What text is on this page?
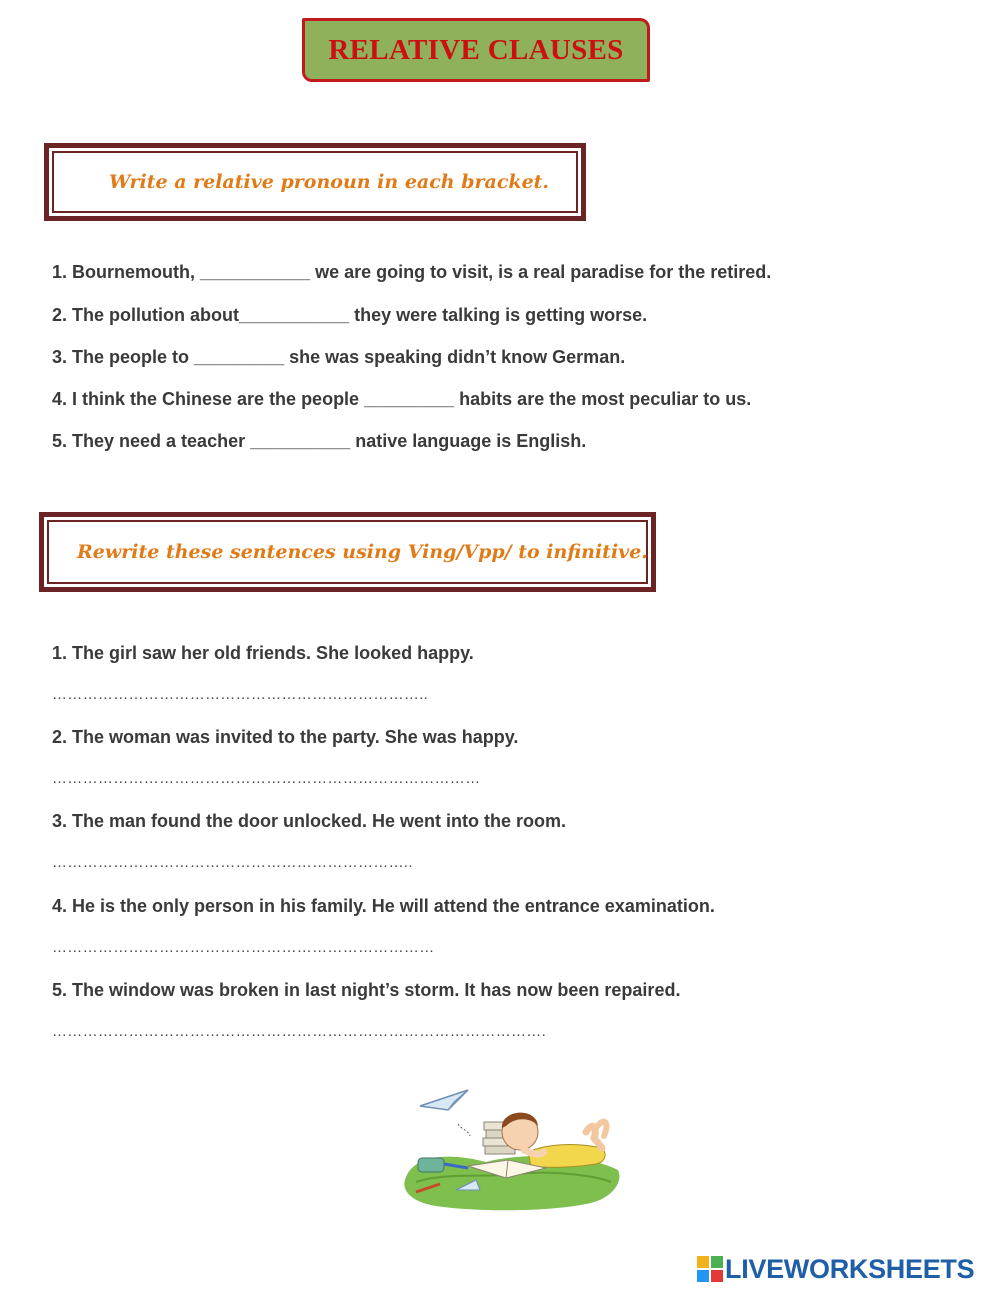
RELATIVE CLAUSES
Write a relative pronoun in each bracket.
1. Bournemouth, ___________ we are going to visit, is a real paradise for the retired.
2. The pollution about___________ they were talking is getting worse.
3. The people to _________ she was speaking didn’t know German.
4. I think the Chinese are the people _________ habits are the most peculiar to us.
5. They need a teacher __________ native language is English.
Rewrite these sentences using Ving/Vpp/ to infinitive.
1. The girl saw her old friends. She looked happy.
………………………………………………………………..
2. The woman was invited to the party. She was happy.
…………………………………………………………………………
3. The man found the door unlocked. He went into the room.
……………………………………………………………..
4. He is the only person in his family. He will attend the entrance examination.
…………………………………………………………………
5. The window was broken in last night’s storm. It has now been repaired.
…………………………………………………………………………………….
LIVEWORKSHEETS
